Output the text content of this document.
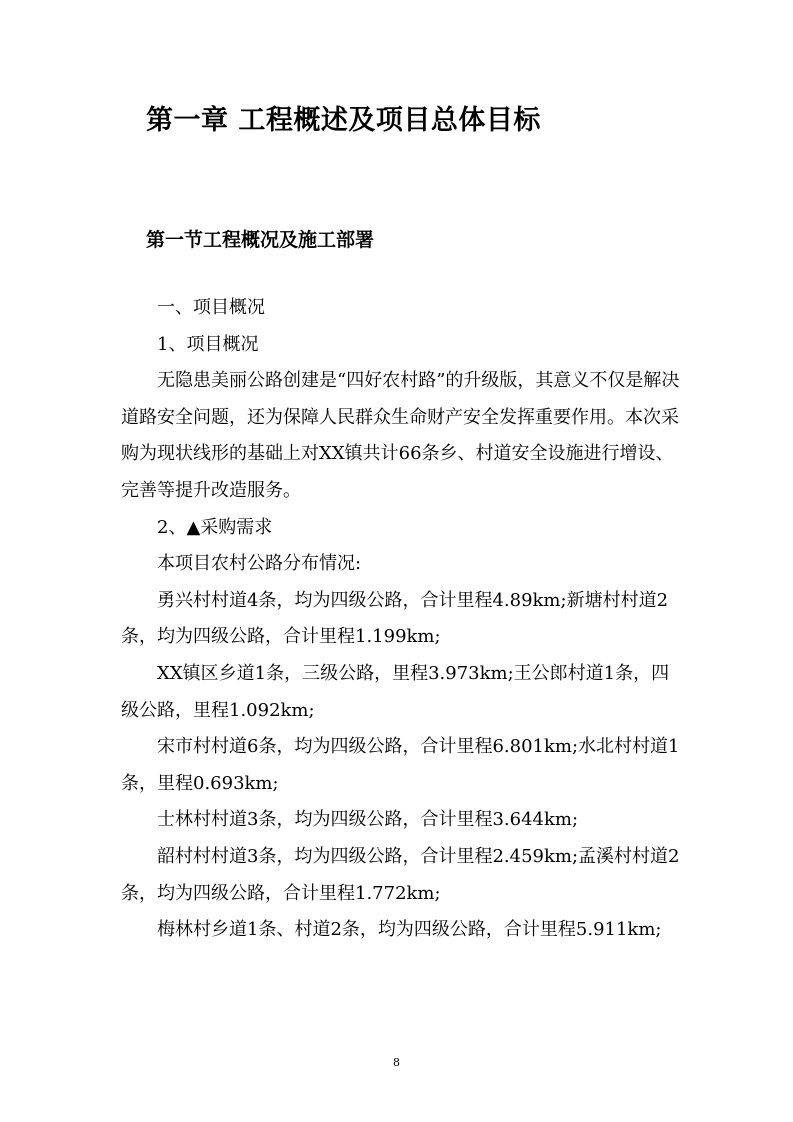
第一章 工程概述及项目总体目标
第一节工程概况及施工部署

一、项目概况

1、项目概况

无隐患美丽公路创建是“四好农村路”的升级版，其意义不仅是解决道路安全问题，还为保障人民群众生命财产安全发挥重要作用。本次采购为现状线形的基础上对XX镇共计66条乡、村道安全设施进行增设、完善等提升改造服务。

2、▲采购需求

本项目农村公路分布情况:

勇兴村村道4条，均为四级公路，合计里程4.89km;新塘村村道2条，均为四级公路，合计里程1.199km;

XX镇区乡道1条，三级公路，里程3.973km;王公郎村道1条，四级公路，里程1.092km;

宋市村村道6条，均为四级公路，合计里程6.801km;水北村村道1条，里程0.693km;

士林村村道3条，均为四级公路，合计里程3.644km;

韶村村村道3条，均为四级公路，合计里程2.459km;孟溪村村道2条，均为四级公路，合计里程1.772km;

梅林村乡道1条、村道2条，均为四级公路，合计里程5.911km;

8
